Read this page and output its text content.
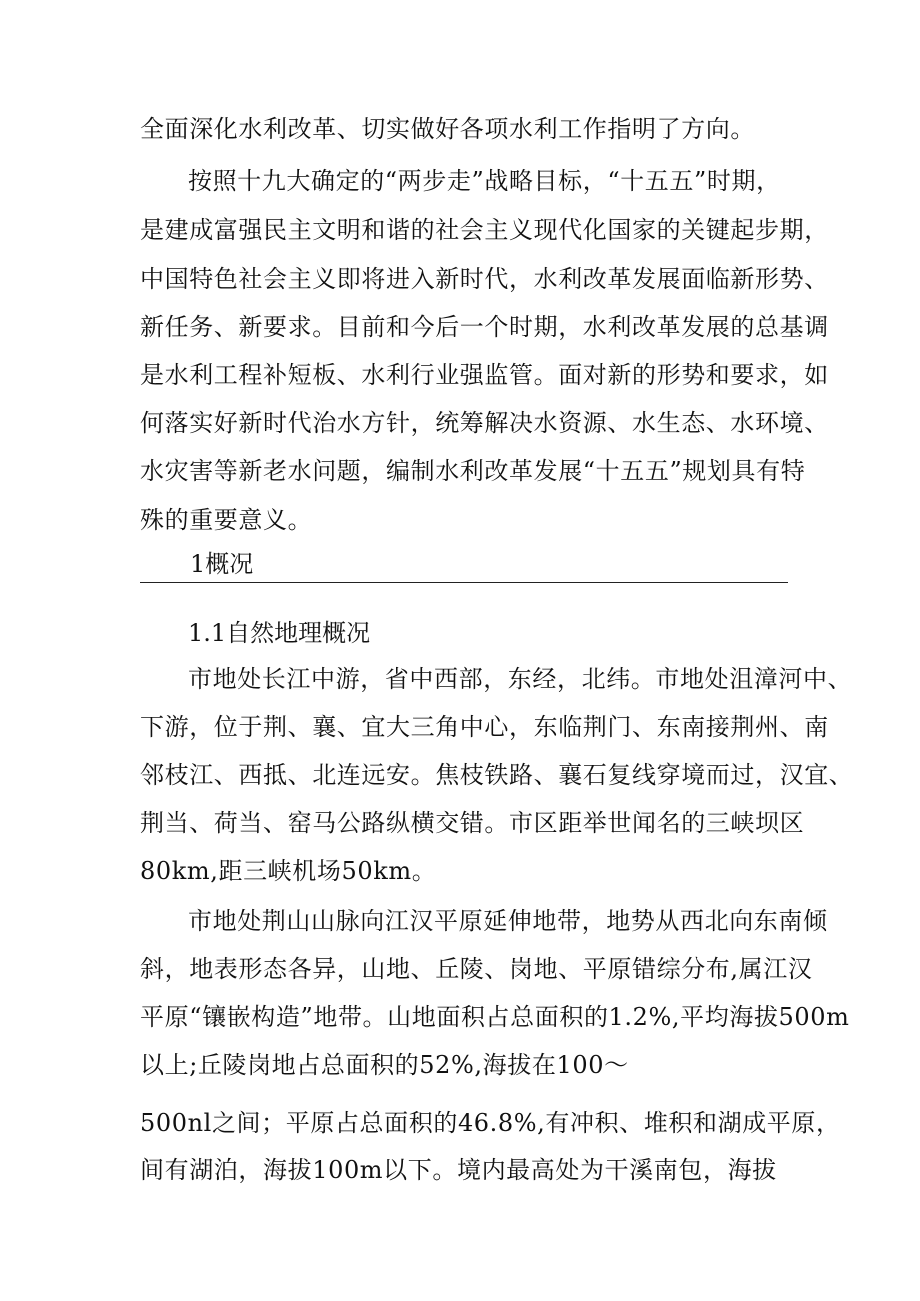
全面深化水利改革、切实做好各项水利工作指明了方向。
按照十九大确定的“两步走”战略目标，“十五五”时期，
是建成富强民主文明和谐的社会主义现代化国家的关键起步期，
中国特色社会主义即将进入新时代，水利改革发展面临新形势、
新任务、新要求。目前和今后一个时期，水利改革发展的总基调
是水利工程补短板、水利行业强监管。面对新的形势和要求，如
何落实好新时代治水方针，统筹解决水资源、水生态、水环境、
水灾害等新老水问题，编制水利改革发展“十五五”规划具有特
殊的重要意义。
1概况
1.1自然地理概况
市地处长江中游，省中西部，东经，北纬。市地处沮漳河中、
下游，位于荆、襄、宜大三角中心，东临荆门、东南接荆州、南
邻枝江、西抵、北连远安。焦枝铁路、襄石复线穿境而过，汉宜、
荆当、荷当、窑马公路纵横交错。市区距举世闻名的三峡坝区
80km,距三峡机场50km。
市地处荆山山脉向江汉平原延伸地带，地势从西北向东南倾
斜，地表形态各异，山地、丘陵、岗地、平原错综分布,属江汉
平原“镶嵌构造”地带。山地面积占总面积的1.2%,平均海拔500m
以上;丘陵岗地占总面积的52%,海拔在100～
500nl之间；平原占总面积的46.8%,有冲积、堆积和湖成平原，
间有湖泊，海拔100m以下。境内最高处为干溪南包，海拔
